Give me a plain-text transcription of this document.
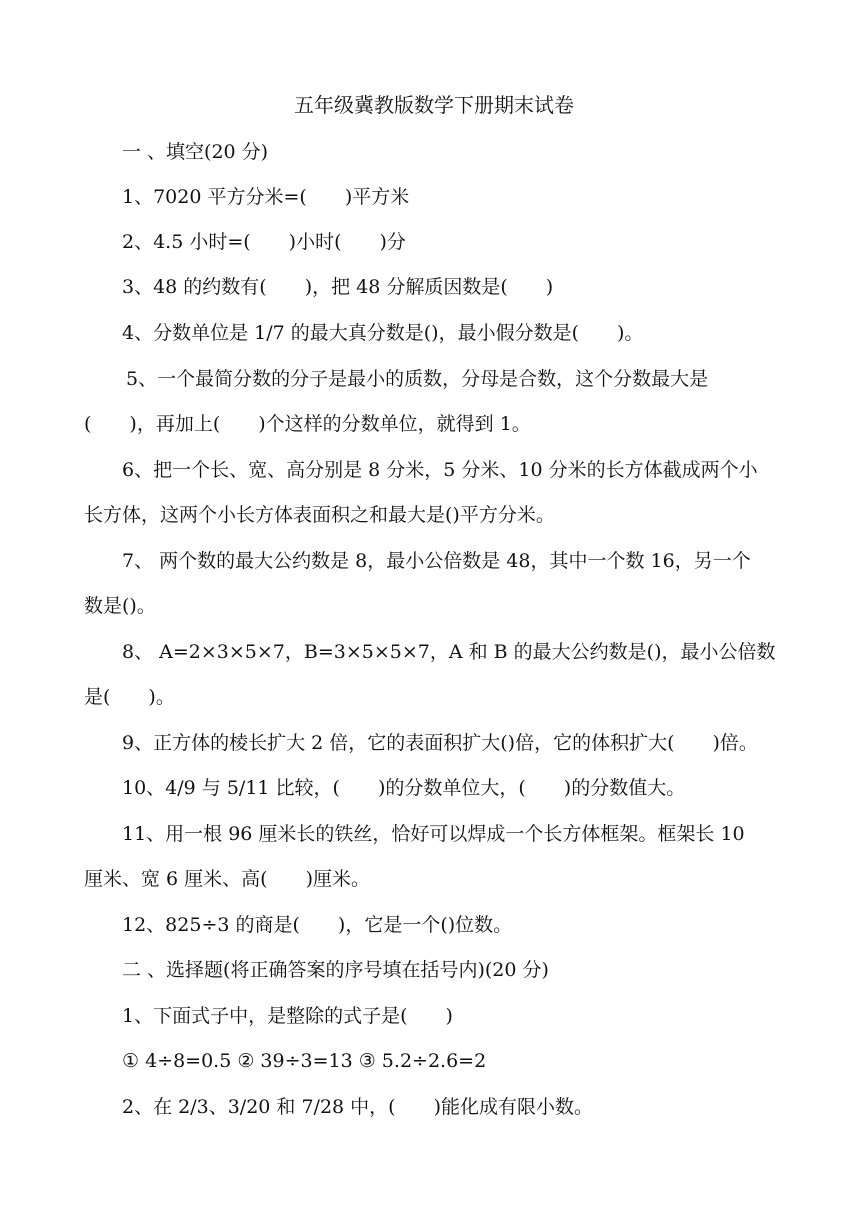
五年级冀教版数学下册期末试卷
一 、填空(20 分)
1、7020 平方分米=(　　)平方米
2、4.5 小时=(　　)小时(　　)分
3、48 的约数有(　　)，把 48 分解质因数是(　　)
4、分数单位是 1/7 的最大真分数是()，最小假分数是(　　)。
5、一个最简分数的分子是最小的质数，分母是合数，这个分数最大是
(　　)，再加上(　　)个这样的分数单位，就得到 1。
6、把一个长、宽、高分别是 8 分米，5 分米、10 分米的长方体截成两个小
长方体，这两个小长方体表面积之和最大是()平方分米。
7、 两个数的最大公约数是 8，最小公倍数是 48，其中一个数 16，另一个
数是()。
8、 A=2×3×5×7，B=3×5×5×7，A 和 B 的最大公约数是()，最小公倍数
是(　　)。
9、正方体的棱长扩大 2 倍，它的表面积扩大()倍，它的体积扩大(　　)倍。
10、4/9 与 5/11 比较，(　　)的分数单位大，(　　)的分数值大。
11、用一根 96 厘米长的铁丝，恰好可以焊成一个长方体框架。框架长 10
厘米、宽 6 厘米、高(　　)厘米。
12、825÷3 的商是(　　)，它是一个()位数。
二 、选择题(将正确答案的序号填在括号内)(20 分)
1、下面式子中，是整除的式子是(　　)
① 4÷8=0.5 ② 39÷3=13 ③ 5.2÷2.6=2
2、在 2/3、3/20 和 7/28 中，(　　)能化成有限小数。
